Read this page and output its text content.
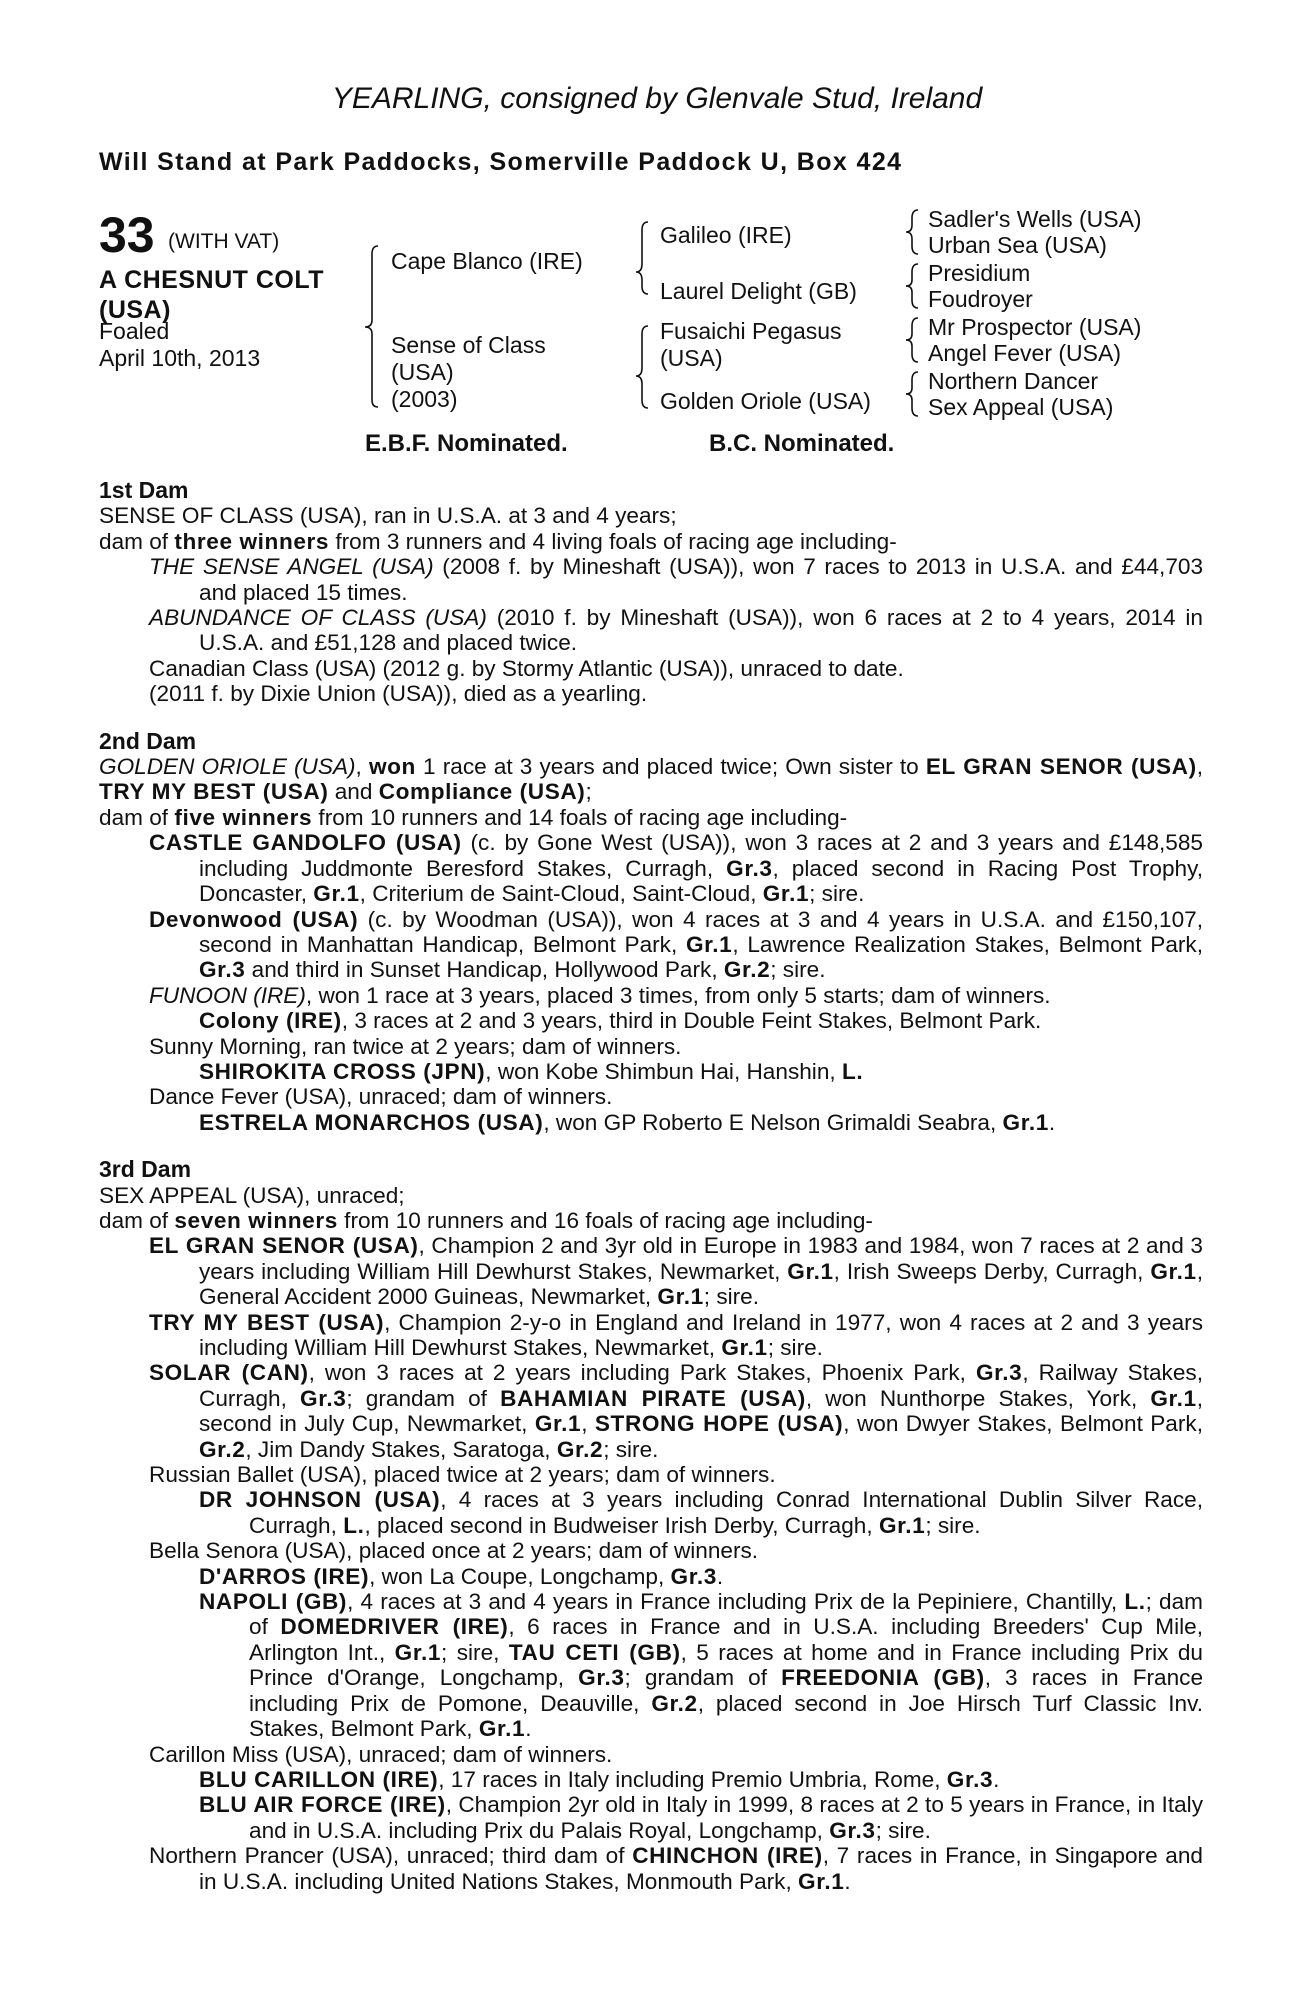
YEARLING, consigned by Glenvale Stud, Ireland
Will Stand at Park Paddocks, Somerville Paddock U, Box 424
33 (WITH VAT)
A CHESNUT COLT
(USA)
Foaled
April 10th, 2013
Cape Blanco (IRE)
Sense of Class
(USA)
(2003)
Galileo (IRE)
Laurel Delight (GB)
Fusaichi Pegasus
(USA)
Golden Oriole (USA)
Sadler's Wells (USA)
Urban Sea (USA)
Presidium
Foudroyer
Mr Prospector (USA)
Angel Fever (USA)
Northern Dancer
Sex Appeal (USA)
E.B.F. Nominated.	B.C. Nominated.

1st Dam

SENSE OF CLASS (USA), ran in U.S.A. at 3 and 4 years;

dam of three winners from 3 runners and 4 living foals of racing age including-

THE SENSE ANGEL (USA) (2008 f. by Mineshaft (USA)), won 7 races to 2013 in U.S.A. and £44,703 and placed 15 times.

ABUNDANCE OF CLASS (USA) (2010 f. by Mineshaft (USA)), won 6 races at 2 to 4 years, 2014 in U.S.A. and £51,128 and placed twice.

Canadian Class (USA) (2012 g. by Stormy Atlantic (USA)), unraced to date.

(2011 f. by Dixie Union (USA)), died as a yearling.

2nd Dam

GOLDEN ORIOLE (USA), won 1 race at 3 years and placed twice; Own sister to EL GRAN SENOR (USA), TRY MY BEST (USA) and Compliance (USA);

dam of five winners from 10 runners and 14 foals of racing age including-

CASTLE GANDOLFO (USA) (c. by Gone West (USA)), won 3 races at 2 and 3 years and £148,585 including Juddmonte Beresford Stakes, Curragh, Gr.3, placed second in Racing Post Trophy, Doncaster, Gr.1, Criterium de Saint-Cloud, Saint-Cloud, Gr.1; sire.

Devonwood (USA) (c. by Woodman (USA)), won 4 races at 3 and 4 years in U.S.A. and £150,107, second in Manhattan Handicap, Belmont Park, Gr.1, Lawrence Realization Stakes, Belmont Park, Gr.3 and third in Sunset Handicap, Hollywood Park, Gr.2; sire.

FUNOON (IRE), won 1 race at 3 years, placed 3 times, from only 5 starts; dam of winners.

Colony (IRE), 3 races at 2 and 3 years, third in Double Feint Stakes, Belmont Park.

Sunny Morning, ran twice at 2 years; dam of winners.

SHIROKITA CROSS (JPN), won Kobe Shimbun Hai, Hanshin, L.

Dance Fever (USA), unraced; dam of winners.

ESTRELA MONARCHOS (USA), won GP Roberto E Nelson Grimaldi Seabra, Gr.1.

3rd Dam

SEX APPEAL (USA), unraced;

dam of seven winners from 10 runners and 16 foals of racing age including-

EL GRAN SENOR (USA), Champion 2 and 3yr old in Europe in 1983 and 1984, won 7 races at 2 and 3 years including William Hill Dewhurst Stakes, Newmarket, Gr.1, Irish Sweeps Derby, Curragh, Gr.1, General Accident 2000 Guineas, Newmarket, Gr.1; sire.

TRY MY BEST (USA), Champion 2-y-o in England and Ireland in 1977, won 4 races at 2 and 3 years including William Hill Dewhurst Stakes, Newmarket, Gr.1; sire.

SOLAR (CAN), won 3 races at 2 years including Park Stakes, Phoenix Park, Gr.3, Railway Stakes, Curragh, Gr.3; grandam of BAHAMIAN PIRATE (USA), won Nunthorpe Stakes, York, Gr.1, second in July Cup, Newmarket, Gr.1, STRONG HOPE (USA), won Dwyer Stakes, Belmont Park, Gr.2, Jim Dandy Stakes, Saratoga, Gr.2; sire.

Russian Ballet (USA), placed twice at 2 years; dam of winners.

DR JOHNSON (USA), 4 races at 3 years including Conrad International Dublin Silver Race, Curragh, L., placed second in Budweiser Irish Derby, Curragh, Gr.1; sire.

Bella Senora (USA), placed once at 2 years; dam of winners.

D'ARROS (IRE), won La Coupe, Longchamp, Gr.3.

NAPOLI (GB), 4 races at 3 and 4 years in France including Prix de la Pepiniere, Chantilly, L.; dam of DOMEDRIVER (IRE), 6 races in France and in U.S.A. including Breeders' Cup Mile, Arlington Int., Gr.1; sire, TAU CETI (GB), 5 races at home and in France including Prix du Prince d'Orange, Longchamp, Gr.3; grandam of FREEDONIA (GB), 3 races in France including Prix de Pomone, Deauville, Gr.2, placed second in Joe Hirsch Turf Classic Inv. Stakes, Belmont Park, Gr.1.

Carillon Miss (USA), unraced; dam of winners.

BLU CARILLON (IRE), 17 races in Italy including Premio Umbria, Rome, Gr.3.

BLU AIR FORCE (IRE), Champion 2yr old in Italy in 1999, 8 races at 2 to 5 years in France, in Italy and in U.S.A. including Prix du Palais Royal, Longchamp, Gr.3; sire.

Northern Prancer (USA), unraced; third dam of CHINCHON (IRE), 7 races in France, in Singapore and in U.S.A. including United Nations Stakes, Monmouth Park, Gr.1.
